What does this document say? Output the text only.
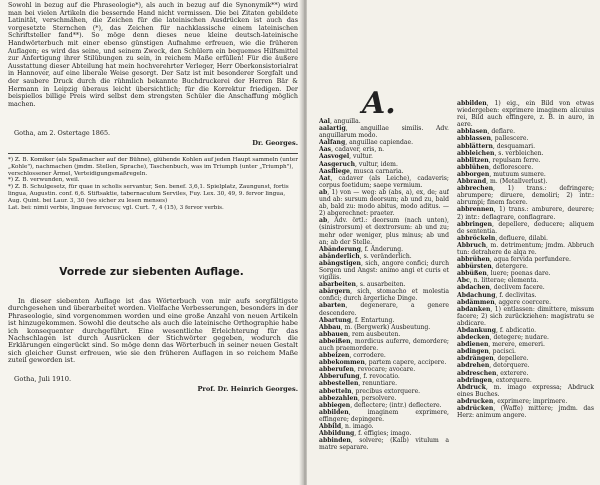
Sowohl in bezug auf die Phraseologie*), als auch in bezug auf die Synonymik**) wird man bei vielen Artikeln die bessernde Hand nicht vermissen. Die bei Zitaten gebildete Latinität, verschmähen, die Zeichen für die lateinischen Ausdrücken ist auch das vorgesetzte Sternchen (*), das Zeichen für nachklassische einem lateinischen Schriftsteller fand**). So möge denn dieses neue kleine deutsch-lateinische Handwörterbuch mit einer ebenso günstigen Aufnahme erfreuen, wie die früheren Auflagen; es wird das seine, und seinem Zweck, den Schülern ein bequemes Hilfsmittel zur Anfertigung ihrer Stilübungen zu sein, in reichem Maße erfüllen! Für die äußere Ausstattung dieser Abteilung hat mein hochverehrter Verleger, Herr Oberkonsistorialrat in Hannover, auf eine liberale Weise gesorgt. Der Satz ist mit besonderer Sorgfalt und der saubere Druck durch die rühmlich bekannte Buchdruckerei der Herren Bär & Hermann in Leipzig überaus leicht übersichtlich; für die Korrektur friedigen. Der beispiellos billige Preis wird selbst dem strengsten Schüler die Anschaffung möglich machen.

Gotha, am 2. Ostertage 1865.

Dr. Georges.

*) Z. B. Komiker (als Spaßmacher auf der Bühne), glühende Kohlen auf jeden Haupt sammeln (unter „Kohle"), nachmachen (jmdm. Stellen, Sprache), Taschenbuch, was im Triumph (unter „Triumph"), verschlossener Ärmel, Verteidigungsmaßregeln.

*) Z. B. verwunden, weil.

*) Z. B. Schulgesetz, für quae in scholis servantur, Sen. benef. 3,6,1. Spielplatz, Zaungunst, fortis lingua, Augustin. conf. 6,6. Stiftsaktie, tabernaculum Serviles, Fuy. Lex. 30, 49, 9. fervor lingua, Aug. Quint. bei Laur. 3, 30 (wo sicher zu lesen menses)

Lat. bei: nimii verbis, linguae fervocus; vgl. Curt. 7, 4 (15), 3 fervor verbis.

Vorrede zur siebenten Auflage.

In dieser siebenten Auflage ist das Wörterbuch von mir aufs sorgfältigste durchgesehen und überarbeitet worden. Vielfache Verbesserungen, besonders in der Phraseologie, sind vorgenommen worden und eine große Anzahl von neuen Artikeln ist hinzugekommen. Sowohl die deutsche als auch die lateinische Orthographie habe ich konsequenter durchgeführt. Eine wesentliche Erleichterung für das Nachschlagen ist durch Ausrücken der Stichwörter gegeben, wodurch die Erklärungen eingerückt sind. So möge denn das Wörterbuch in seiner neuen Gestalt sich gleicher Gunst erfreuen, wie sie den früheren Auflagen in so reichem Maße zuteil geworden ist.

Gotha, Juli 1910.

Prof. Dr. Heinrich Georges.

A.

Aal, anguilla.

aalartig, anguillae similis. Adv. anguillarum modo.

Aalfang, anguillae capiendae.

Aas, cadaver, eris, n.

Aasvogel, vultur.

Aasgeruch, vultur, idem.

Aasfliege, musca carnaria.

Aat, cadaver (als Leiche), cadaveris; corpus foetidum; saepe vermium.

ab, 1) von — weg: ab (abs, a), ex, de; auf und ab: sursum deorsum; ab und zu, bald ab, bald zu: modo abitus, modo aditus. — 2) abgerechnet: praeter.

ab, Adv. örtl.: deorsum (nach unten), (sinistrorsum) et dextrorsum: ab und zu; mehr oder weniger, plus minus; ab und an; ab der Stelle.

Abänderung, f. Änderung.

abänderlich, s. veränderlich.

abängstigen, sich, angore confici; durch Sorgen und Angst: animo angi et curis et vigiliis.

abarbeiten, s. ausarbeiten.

abärgern, sich, stomacho et molestia confici; durch ärgerliche Dinge.

abarten, degenerare, a genere descendere.

Abartung, f. Entartung.

Abbau, m. (Bergwerk) Ausbeutung.

abbauen, rem ausbeuten.

abbeißen, mordicus auferre, demordere; auch praemordere.

abbeizen, corrodere.

abbekommen, partem capere, accipere.

abberufen, revocare; avocare.

Abberufung, f. revocatio.

abbestellen, renuntiare.

abbetteln, precibus extorquere.

abbezahlen, persolvere.

abbiegen, deflectere; (intr.) deflectere.

abbilden, imaginem exprimere, effingere; depingere.

Abbild, n. imago.

Abbildung, f. effigies; imago.

abbinden, solvere; (Kalb) vitulum a matre separare.

abbilden, 1) eig., ein Bild von etwas wiedergeben: exprimere imaginem alicuius rei, Bild auch effingere, z. B. in auro, in aere.

abblasen, deflare.

abblassen, pallescere.

abblättern, desquamari.

abbleichen, s. verbleichen.

abblitzen, repulsam ferre.

abblühen, deflorescere.

abborgen, mutuum sumere.

Abbrand, m. (Metallverlust).

abbrechen, 1) trans.: defringere; abrumpere; diruere, demoliri; 2) intr.: abrumpi; finem facere.

abbrennen, 1) trans.: amburere, deurere; 2) intr.: deflagrare, conflagrare.

abbringen, depellere, deducere; aliquem de sententia.

abbröckeln, defluere, dilabi.

Abbruch, m. detrimentum; jmdm. Abbruch tun: detrahere de alqa re.

abbrühen, aqua fervida perfundere.

abbürsten, detergere.

abbüßen, luere; poenas dare.

Abc, n. litterae; elementa.

abdachen, declivem facere.

Abdachung, f. declivitas.

abdämmen, aggere coercere.

abdanken, 1) entlassen: dimittere, missum facere; 2) sich zurückziehen: magistratu se abdicare.

Abdankung, f. abdicatio.

abdecken, detegere; nudare.

abdienen, merere, emereri.

abdingen, pacisci.

abdrängen, depellere.

abdrehen, detorquere.

abdreschen, exterere.

abdringen, extorquere.

Abdruck, m. imago expressa; Abdruck eines Buches.

abdrucken, exprimere; imprimere.

abdrücken, (Waffe) mittere; jmdm. das Herz: animum angere.
